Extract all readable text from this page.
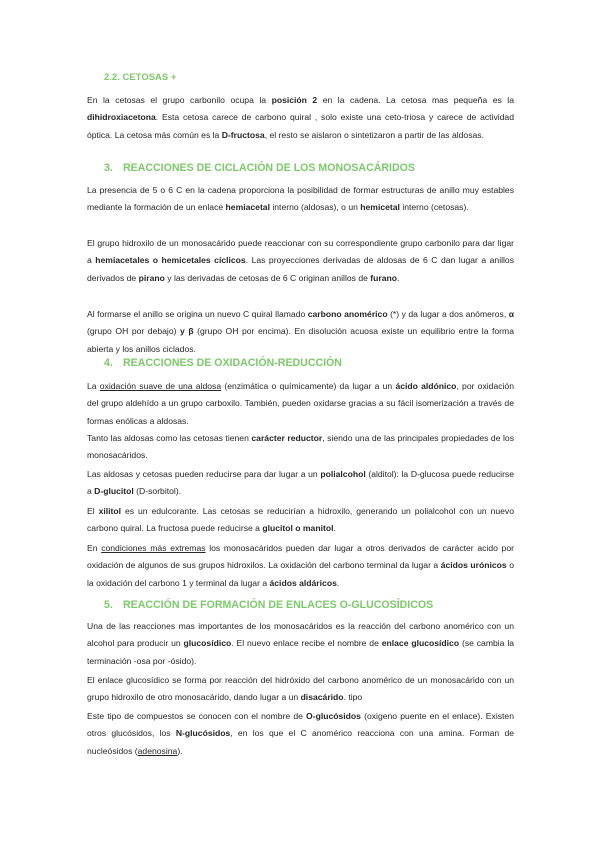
2.2. CETOSAS +

En la cetosas el grupo carbonilo ocupa la posición 2 en la cadena. La cetosa mas pequeña es la dihidroxiacetona. Esta cetosa carece de carbono quiral , solo existe una ceto-triosa y carece de actividad óptica. La cetosa más común es la D-fructosa, el resto se aislaron o sintetizaron a partir de las aldosas.

3. REACCIONES DE CICLACIÓN DE LOS MONOSACÁRIDOS

La presencia de 5 o 6 C en la cadena proporciona la posibilidad de formar estructuras de anillo muy estables mediante la formación de un enlace hemiacetal interno (aldosas), o un hemicetal interno (cetosas).

El grupo hidroxilo de un monosacárido puede reaccionar con su correspondiente grupo carbonilo para dar ligar a hemiacetales o hemicetales cíclicos. Las proyecciones derivadas de aldosas de 6 C dan lugar a anillos derivados de pirano y las derivadas de cetosas de 6 C originan anillos de furano.

Al formarse el anillo se origina un nuevo C quiral llamado carbono anomérico (*) y da lugar a dos anómeros, α (grupo OH por debajo) y β (grupo OH por encima). En disolución acuosa existe un equilibrio entre la forma abierta y los anillos ciclados.

4. REACCIONES DE OXIDACIÓN-REDUCCIÓN

La oxidación suave de una aldosa (enzimática o químicamente) da lugar a un ácido aldónico, por oxidación del grupo aldehído a un grupo carboxilo. También, pueden oxidarse gracias a su fácil isomerización a través de formas enólicas a aldosas.

Tanto las aldosas como las cetosas tienen carácter reductor, siendo una de las principales propiedades de los monosacáridos.

Las aldosas y cetosas pueden reducirse para dar lugar a un polialcohol (alditol): la D-glucosa puede reducirse a D-glucitol (D-sorbitol).

El xilitol es un edulcorante. Las cetosas se reducirían a hidroxilo, generando un polialcohol con un nuevo carbono quiral. La fructosa puede reducirse a glucitol o manitol.

En condiciones más extremas los monosacáridos pueden dar lugar a otros derivados de carácter acido por oxidación de algunos de sus grupos hidroxilos. La oxidación del carbono terminal da lugar a ácidos urónicos o la oxidación del carbono 1 y terminal da lugar a ácidos aldáricos.

5. REACCIÓN DE FORMACIÓN DE ENLACES O-GLUCOSÍDICOS

Una de las reacciones mas importantes de los monosacáridos es la reacción del carbono anomérico con un alcohol para producir un glucosídico. El nuevo enlace recibe el nombre de enlace glucosídico (se cambia la terminación -osa por -ósido).

El enlace glucosídico se forma por reacción del hidróxido del carbono anomérico de un monosacárido con un grupo hidroxilo de otro monosacárido, dando lugar a un disacárido. tipo

Este tipo de compuestos se conocen con el nombre de O-glucósidos (oxigeno puente en el enlace). Existen otros glucósidos, los N-glucósidos, en los que el C anomérico reacciona con una amina. Forman de nucleósidos (adenosina).
